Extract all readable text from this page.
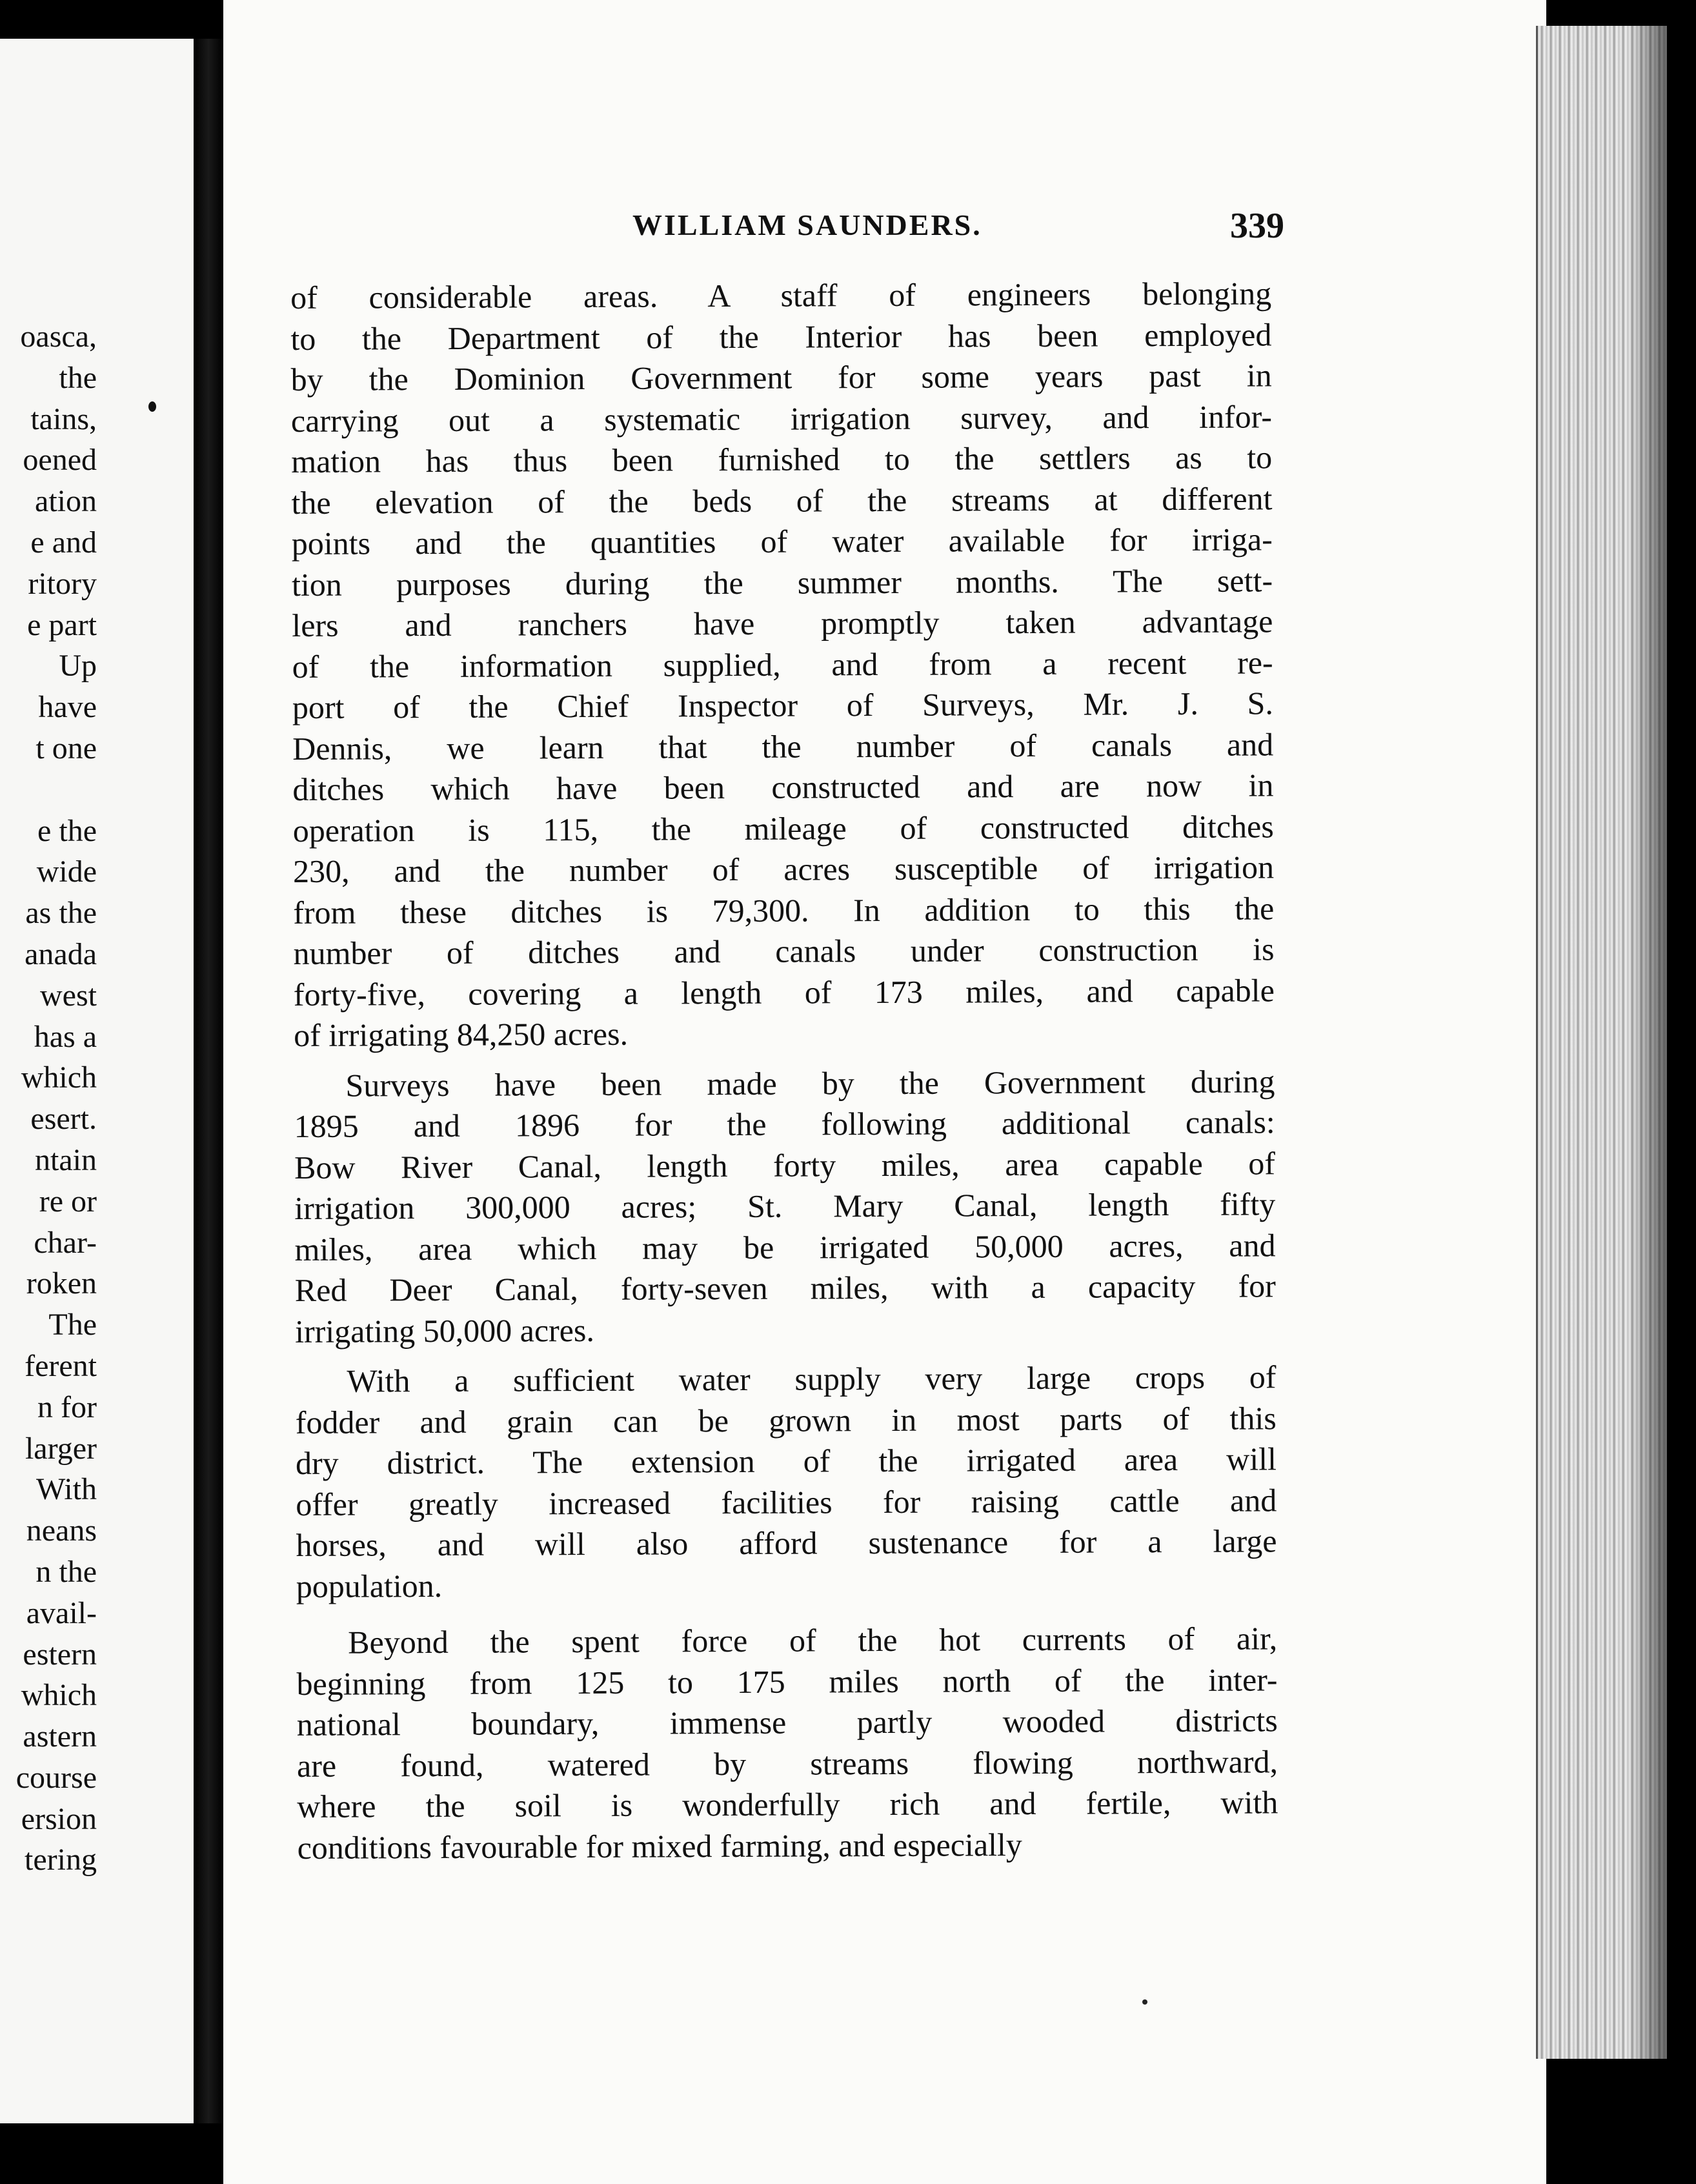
oasca,
the
tains,
oened
ation
e and
ritory
e part
Up
have
t one
e the
wide
as the
anada
west
has a
which
esert.
ntain
re or
char-
roken
The
ferent
n for
larger
With
neans
n the
avail-
estern
which
astern
course
ersion
tering
WILLIAM SAUNDERS.	339
of considerable areas. A staff of engineers belonging
to the Department of the Interior has been employed
by the Dominion Government for some years past in
carrying out a systematic irrigation survey, and infor-
mation has thus been furnished to the settlers as to
the elevation of the beds of the streams at different
points and the quantities of water available for irriga-
tion purposes during the summer months. The sett-
lers and ranchers have promptly taken advantage
of the information supplied, and from a recent re-
port of the Chief Inspector of Surveys, Mr. J. S.
Dennis, we learn that the number of canals and
ditches which have been constructed and are now in
operation is 115, the mileage of constructed ditches
230, and the number of acres susceptible of irrigation
from these ditches is 79,300. In addition to this the
number of ditches and canals under construction is
forty-five, covering a length of 173 miles, and capable
of irrigating 84,250 acres.
Surveys have been made by the Government during
1895 and 1896 for the following additional canals:
Bow River Canal, length forty miles, area capable of
irrigation 300,000 acres; St. Mary Canal, length fifty
miles, area which may be irrigated 50,000 acres, and
Red Deer Canal, forty-seven miles, with a capacity for
irrigating 50,000 acres.
With a sufficient water supply very large crops of
fodder and grain can be grown in most parts of this
dry district. The extension of the irrigated area will
offer greatly increased facilities for raising cattle and
horses, and will also afford sustenance for a large
population.
Beyond the spent force of the hot currents of air,
beginning from 125 to 175 miles north of the inter-
national boundary, immense partly wooded districts
are found, watered by streams flowing northward,
where the soil is wonderfully rich and fertile, with
conditions favourable for mixed farming, and especially
